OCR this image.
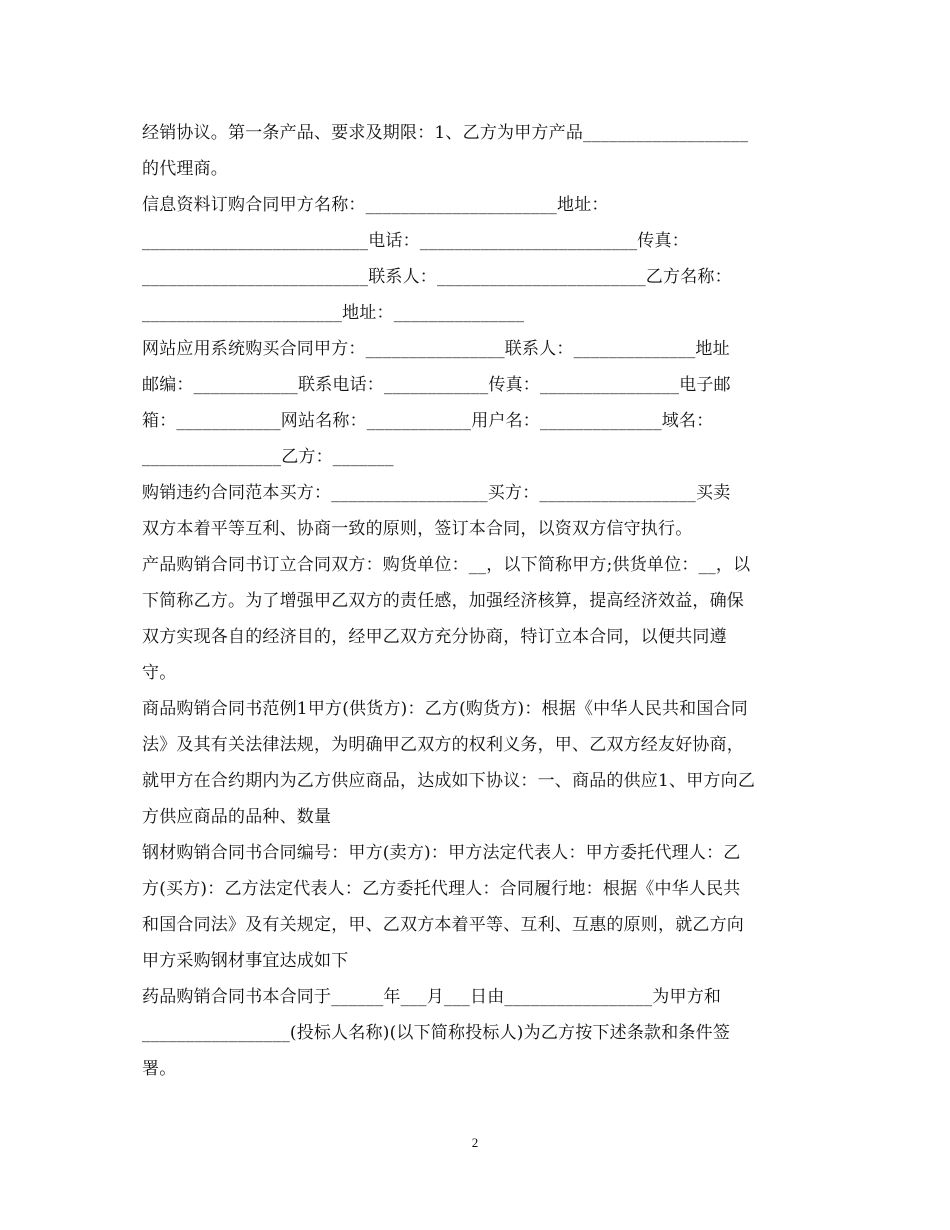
经销协议。第一条产品、要求及期限：1、乙方为甲方产品___________________
的代理商。
信息资料订购合同甲方名称：______________________地址：
__________________________电话：_________________________传真：
__________________________联系人：________________________乙方名称：
_______________________地址：_______________
网站应用系统购买合同甲方：________________联系人：______________地址
邮编：____________联系电话：____________传真：________________电子邮
箱：____________网站名称：____________用户名：______________域名：
________________乙方：_______
购销违约合同范本买方：__________________买方：__________________买卖
双方本着平等互利、协商一致的原则，签订本合同，以资双方信守执行。
产品购销合同书订立合同双方：购货单位：__，以下简称甲方;供货单位：__，以
下简称乙方。为了增强甲乙双方的责任感，加强经济核算，提高经济效益，确保
双方实现各自的经济目的，经甲乙双方充分协商，特订立本合同，以便共同遵
守。
商品购销合同书范例1甲方(供货方)：乙方(购货方)：根据《中华人民共和国合同
法》及其有关法律法规，为明确甲乙双方的权利义务，甲、乙双方经友好协商，
就甲方在合约期内为乙方供应商品，达成如下协议：一、商品的供应1、甲方向乙
方供应商品的品种、数量
钢材购销合同书合同编号：甲方(卖方)：甲方法定代表人：甲方委托代理人：乙
方(买方)：乙方法定代表人：乙方委托代理人：合同履行地：根据《中华人民共
和国合同法》及有关规定，甲、乙双方本着平等、互利、互惠的原则，就乙方向
甲方采购钢材事宜达成如下
药品购销合同书本合同于______年___月___日由_________________为甲方和
_________________(投标人名称)(以下简称投标人)为乙方按下述条款和条件签
署。
2
